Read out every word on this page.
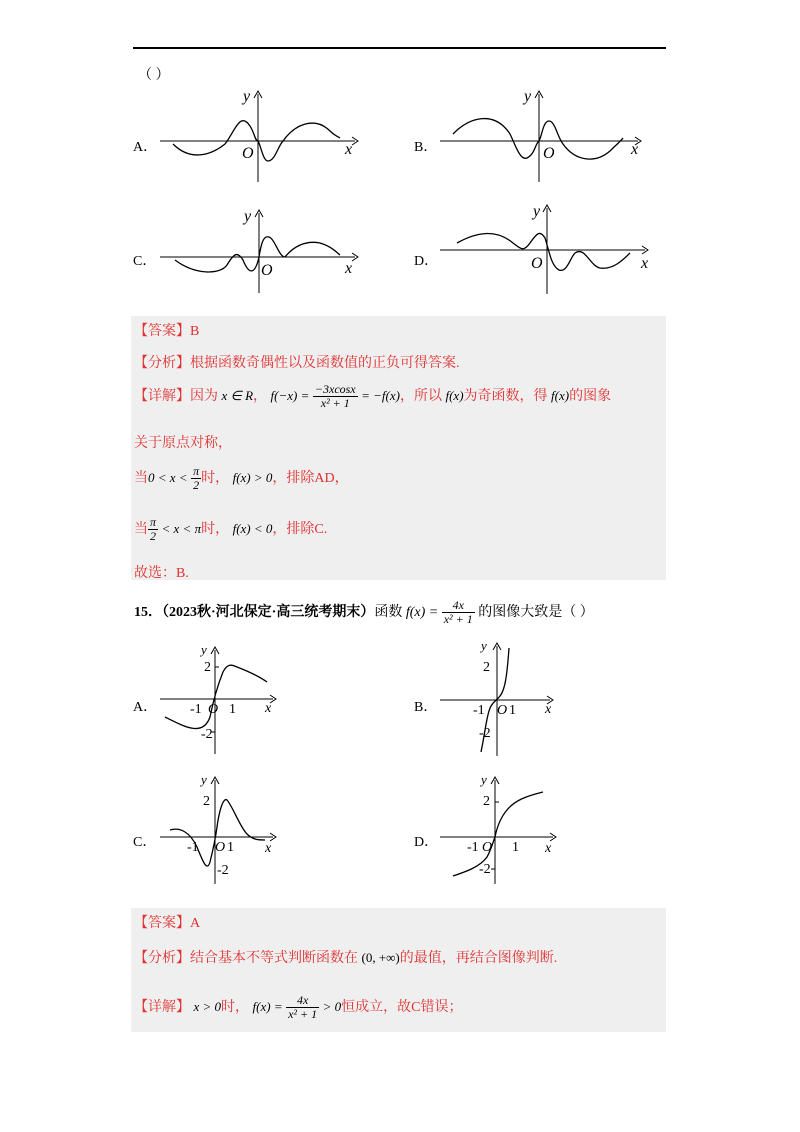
（ ）
A．
y
x
O	B．
y
x
O
C．
y
x
O
D．
y
x
O
【答案】B
【分析】根据函数奇偶性以及函数值的正负可得答案.
【详解】因为 x ∈ R， $f(-x) = \frac{-3xcosx}{\text{x² + 1}} = -f(x)$，所以 f(x)为奇函数，得 f(x)的图象
关于原点对称，
当$0 < x < \frac{\pi}{2}$ 时， f(x) > 0，排除AD，
当 $\frac{\pi}{2} < x < \pi$时， f(x) < 0，排除C.
故选：B.
15．（2023秋·河北保定·高三统考期末）函数 $f(x) = \frac{4x}{\text{x² + 1}}$ 的图像大致是（ ）
A．
y
2
x
-1 O 1
-2
B．
y
2
x
-1 O 1
-2
C．
y
2
x
-1 O 1
-2
D．
y
2
x
-1 O 1
-2
【答案】A
【分析】结合基本不等式判断函数在 (0, +∞)的最值，再结合图像判断.
【详解】 x > 0时， $f(x) = \frac{4x}{\text{x² + 1}} > 0$恒成立，故C错误；
